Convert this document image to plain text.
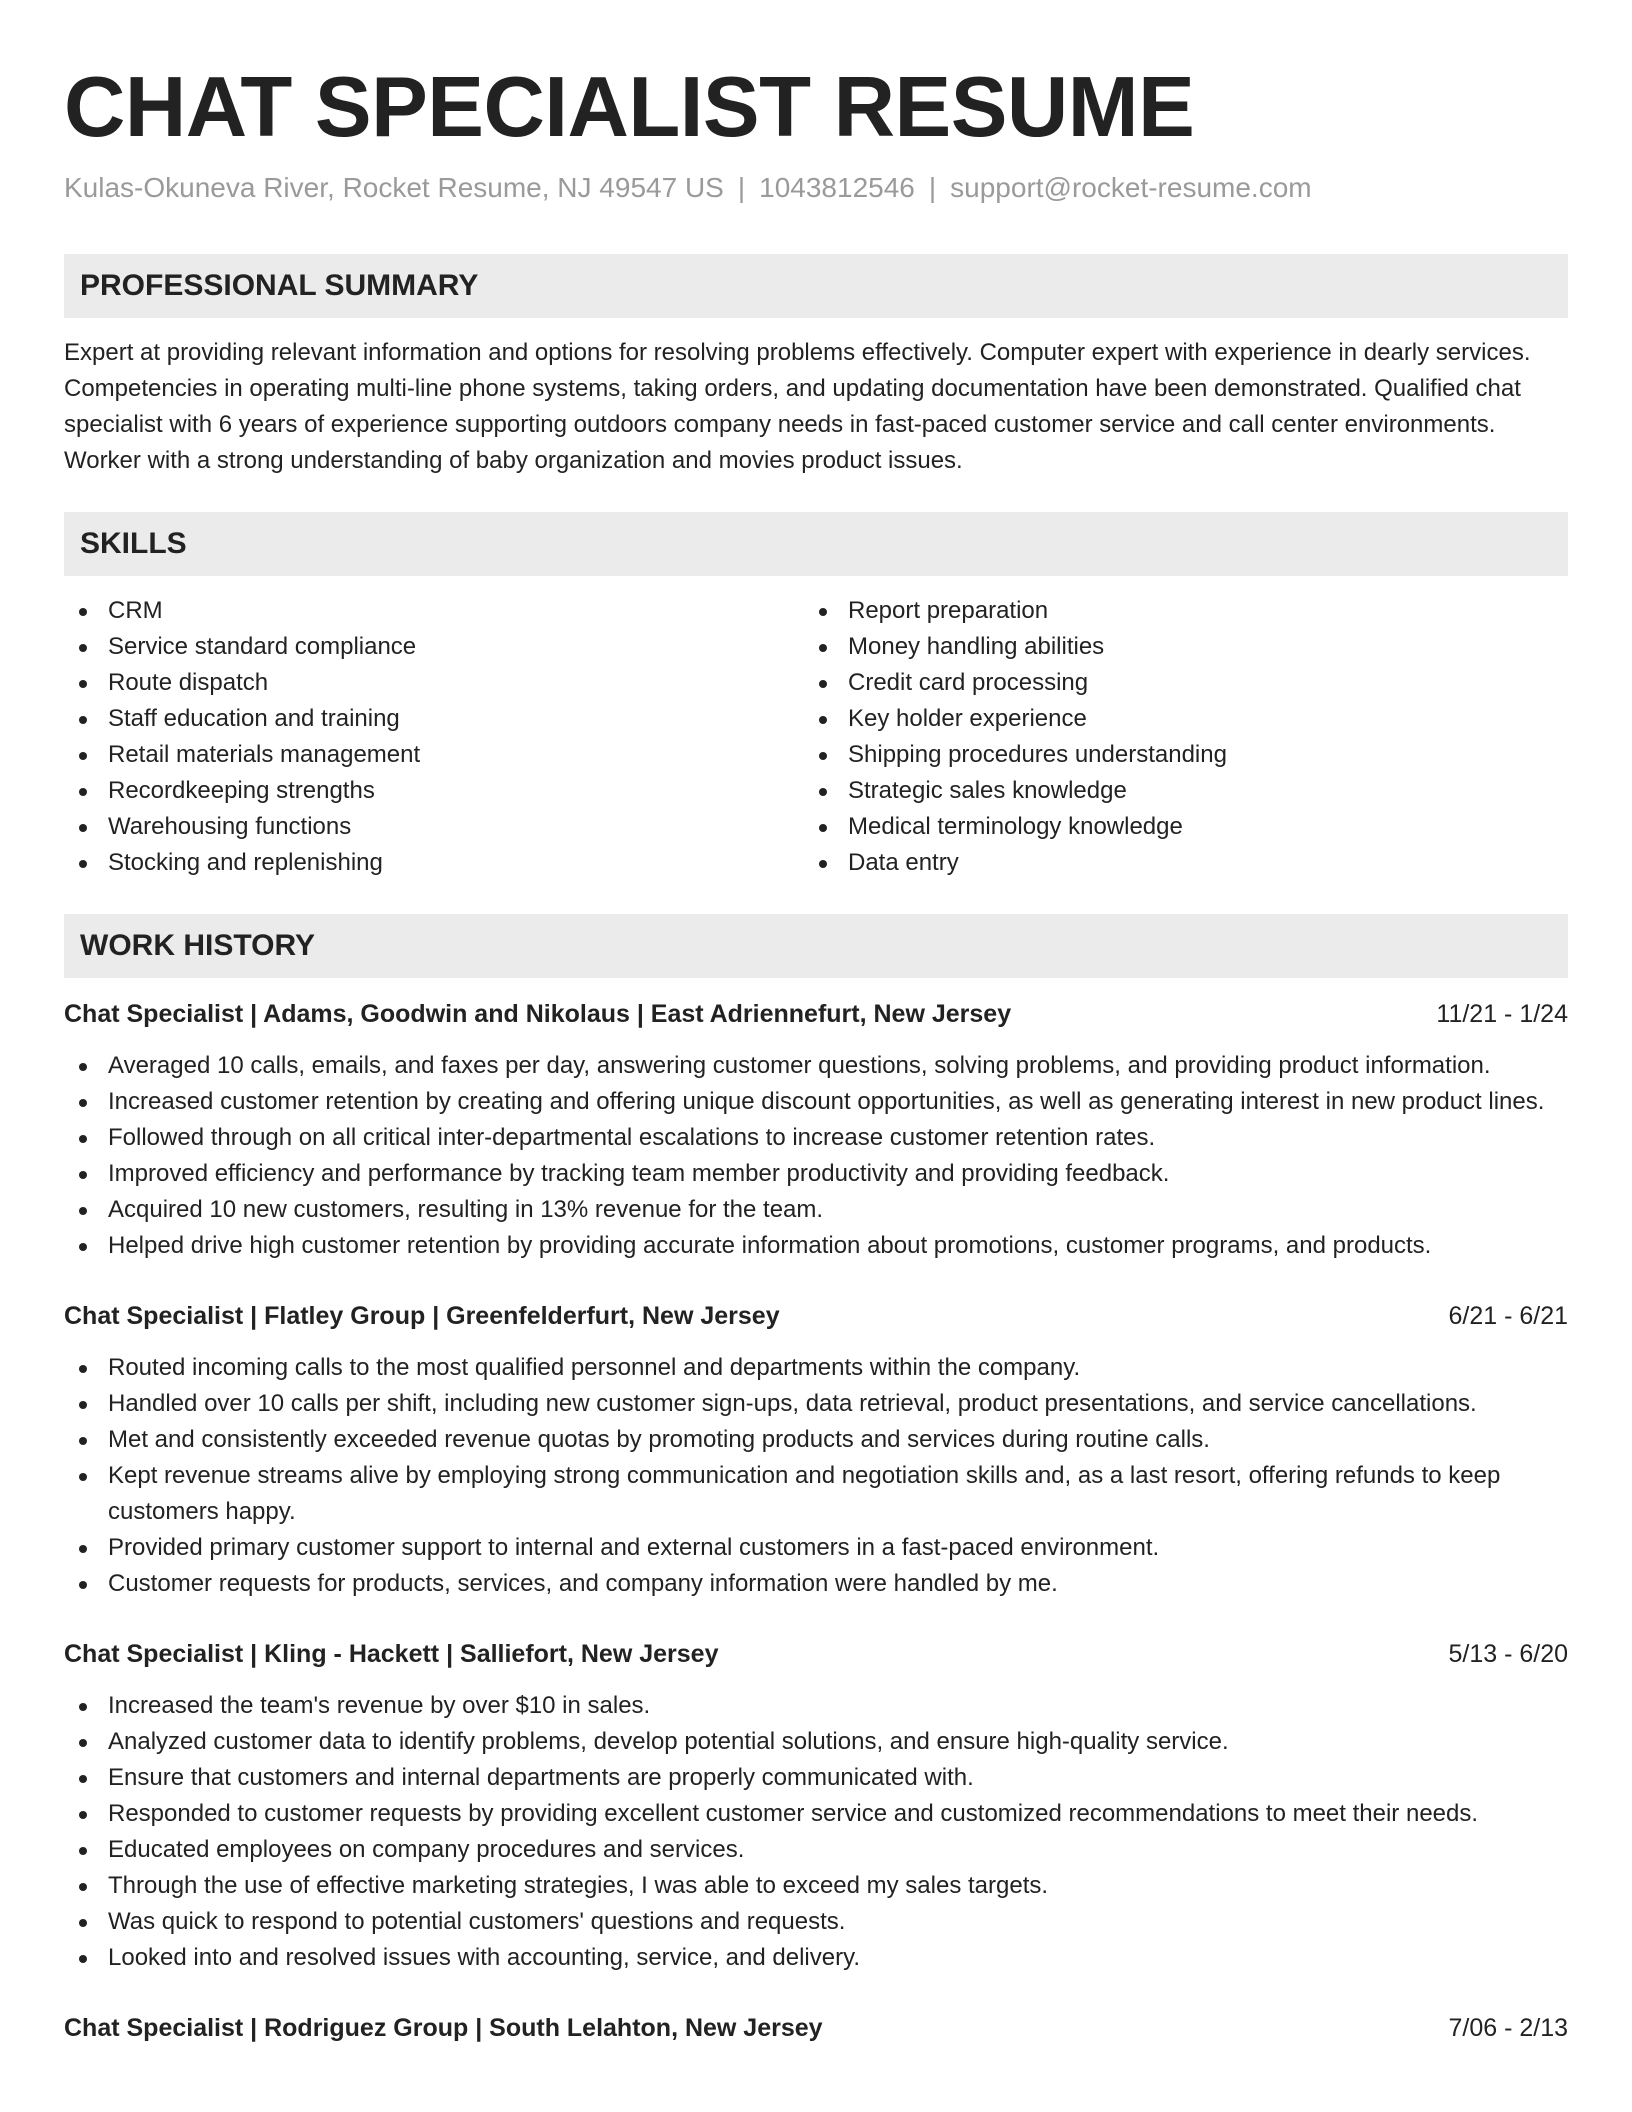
CHAT SPECIALIST RESUME
Kulas-Okuneva River, Rocket Resume, NJ 49547 US | 1043812546 | support@rocket-resume.com
PROFESSIONAL SUMMARY

Expert at providing relevant information and options for resolving problems effectively. Computer expert with experience in dearly services. Competencies in operating multi-line phone systems, taking orders, and updating documentation have been demonstrated. Qualified chat specialist with 6 years of experience supporting outdoors company needs in fast-paced customer service and call center environments. Worker with a strong understanding of baby organization and movies product issues.

SKILLS
CRM
Service standard compliance
Route dispatch
Staff education and training
Retail materials management
Recordkeeping strengths
Warehousing functions
Stocking and replenishing
Report preparation
Money handling abilities
Credit card processing
Key holder experience
Shipping procedures understanding
Strategic sales knowledge
Medical terminology knowledge
Data entry
WORK HISTORY
Chat Specialist | Adams, Goodwin and Nikolaus | East Adriennefurt, New Jersey	11/21 - 1/24
Averaged 10 calls, emails, and faxes per day, answering customer questions, solving problems, and providing product information.
Increased customer retention by creating and offering unique discount opportunities, as well as generating interest in new product lines.
Followed through on all critical inter-departmental escalations to increase customer retention rates.
Improved efficiency and performance by tracking team member productivity and providing feedback.
Acquired 10 new customers, resulting in 13% revenue for the team.
Helped drive high customer retention by providing accurate information about promotions, customer programs, and products.
Chat Specialist | Flatley Group | Greenfelderfurt, New Jersey	6/21 - 6/21
Routed incoming calls to the most qualified personnel and departments within the company.
Handled over 10 calls per shift, including new customer sign-ups, data retrieval, product presentations, and service cancellations.
Met and consistently exceeded revenue quotas by promoting products and services during routine calls.
Kept revenue streams alive by employing strong communication and negotiation skills and, as a last resort, offering refunds to keep customers happy.
Provided primary customer support to internal and external customers in a fast-paced environment.
Customer requests for products, services, and company information were handled by me.
Chat Specialist | Kling - Hackett | Salliefort, New Jersey	5/13 - 6/20
Increased the team's revenue by over $10 in sales.
Analyzed customer data to identify problems, develop potential solutions, and ensure high-quality service.
Ensure that customers and internal departments are properly communicated with.
Responded to customer requests by providing excellent customer service and customized recommendations to meet their needs.
Educated employees on company procedures and services.
Through the use of effective marketing strategies, I was able to exceed my sales targets.
Was quick to respond to potential customers' questions and requests.
Looked into and resolved issues with accounting, service, and delivery.
Chat Specialist | Rodriguez Group | South Lelahton, New Jersey	7/06 - 2/13
